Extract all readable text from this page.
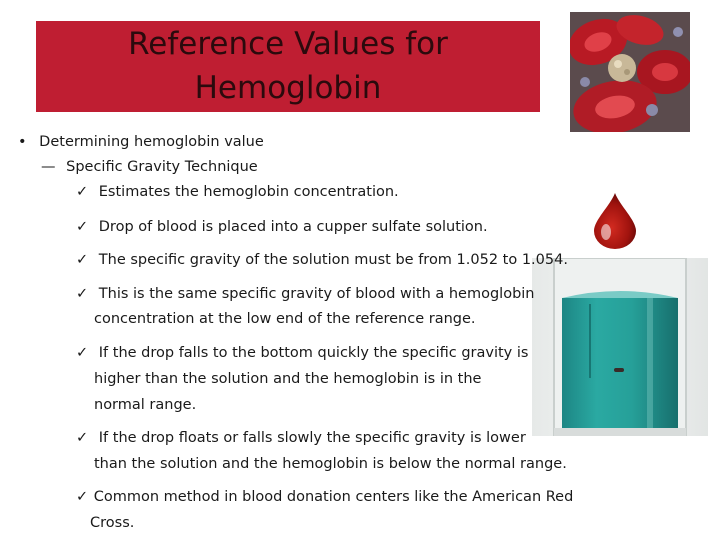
Reference Values for
Hemoglobin
• Determining hemoglobin value
— Specific Gravity Technique
✓ Estimates the hemoglobin concentration.
✓ Drop of blood is placed into a cupper sulfate solution.
✓ The specific gravity of the solution must be from 1.052 to 1.054.
✓ This is the same specific gravity of blood with a hemoglobin
concentration at the low end of the reference range.
✓ If the drop falls to the bottom quickly the specific gravity is
higher than the solution and the hemoglobin is in the
normal range.
✓ If the drop floats or falls slowly the specific gravity is lower
than the solution and the hemoglobin is below the normal range.
✓ Common method in blood donation centers like the American Red
Cross.
